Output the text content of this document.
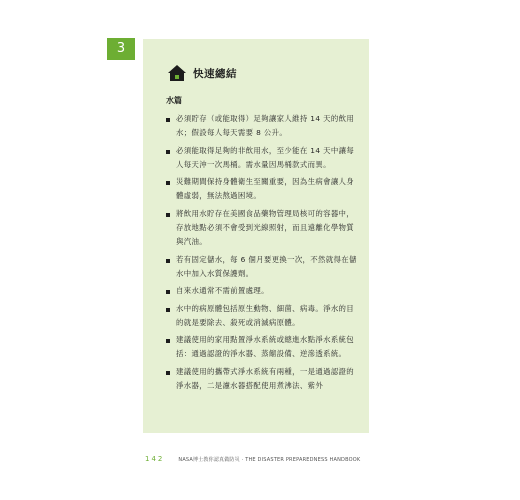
3
快速總結
水篇
必須貯存（或能取得）足夠讓家人維持 14 天的飲用水；假設每人每天需要 8 公升。
必須能取得足夠的非飲用水，至少能在 14 天中讓每人每天沖一次馬桶。需水量因馬桶款式而異。
災難期間保持身體衛生至關重要，因為生病會讓人身體虛弱，無法熬過困境。
將飲用水貯存在美國食品藥物管理局核可的容器中，存放地點必須不會受到光線照射，而且遠離化學物質與汽油。
若有固定儲水，每 6 個月要更換一次，不然就得在儲水中加入水質保護劑。
自來水通常不需前置處理。
水中的病原體包括原生動物、細菌、病毒。淨水的目的就是要除去、殺死或消滅病原體。
建議使用的家用點置淨水系統或總進水點淨水系統包括：通過認證的淨水器、蒸餾設備、逆滲透系統。
建議使用的攜帶式淨水系統有兩種，一是通過認證的淨水器，二是濾水器搭配使用煮沸法、紫外
142	NASA博士教你認真做防災 · THE DISASTER PREPAREDNESS HANDBOOK
